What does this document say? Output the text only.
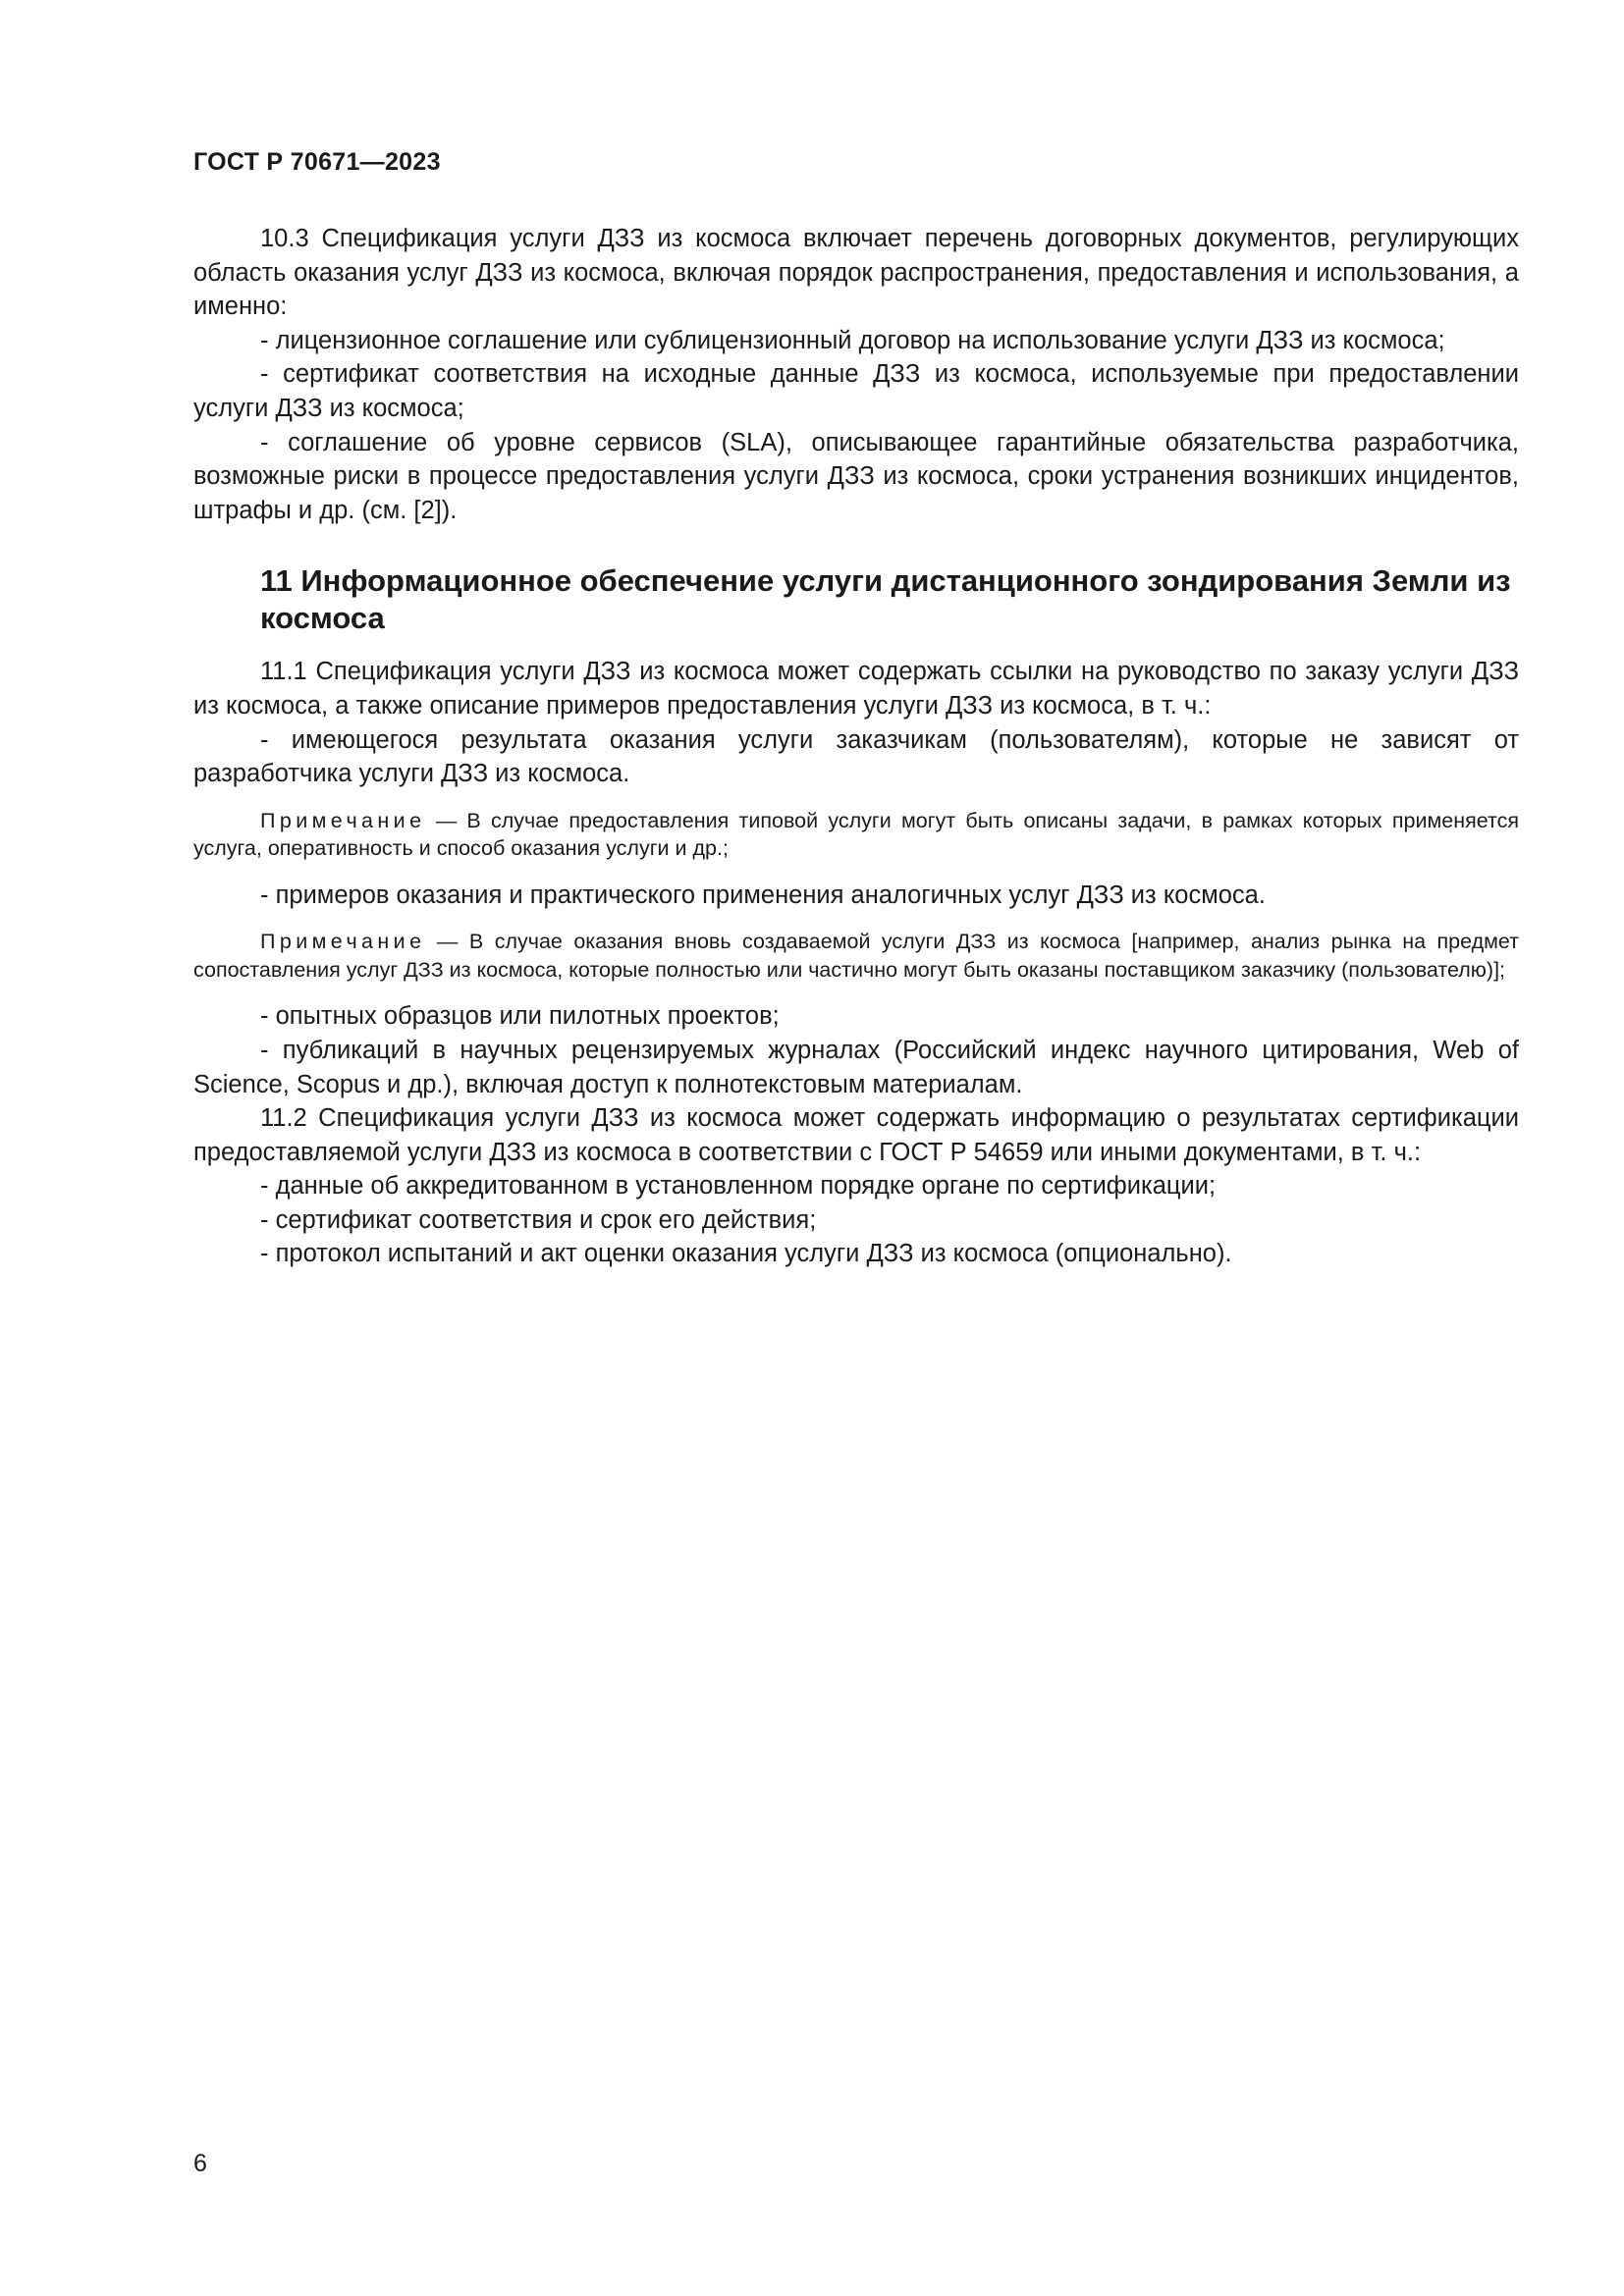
ГОСТ Р 70671—2023

10.3 Спецификация услуги ДЗЗ из космоса включает перечень договорных документов, регулирующих область оказания услуг ДЗЗ из космоса, включая порядок распространения, предоставления и использования, а именно:

- лицензионное соглашение или сублицензионный договор на использование услуги ДЗЗ из космоса;

- сертификат соответствия на исходные данные ДЗЗ из космоса, используемые при предоставлении услуги ДЗЗ из космоса;

- соглашение об уровне сервисов (SLA), описывающее гарантийные обязательства разработчика, возможные риски в процессе предоставления услуги ДЗЗ из космоса, сроки устранения возникших инцидентов, штрафы и др. (см. [2]).

11 Информационное обеспечение услуги дистанционного зондирования Земли из космоса

11.1 Спецификация услуги ДЗЗ из космоса может содержать ссылки на руководство по заказу услуги ДЗЗ из космоса, а также описание примеров предоставления услуги ДЗЗ из космоса, в т. ч.:

- имеющегося результата оказания услуги заказчикам (пользователям), которые не зависят от разработчика услуги ДЗЗ из космоса.

Примечание — В случае предоставления типовой услуги могут быть описаны задачи, в рамках которых применяется услуга, оперативность и способ оказания услуги и др.;

- примеров оказания и практического применения аналогичных услуг ДЗЗ из космоса.

Примечание — В случае оказания вновь создаваемой услуги ДЗЗ из космоса [например, анализ рынка на предмет сопоставления услуг ДЗЗ из космоса, которые полностью или частично могут быть оказаны поставщиком заказчику (пользователю)];

- опытных образцов или пилотных проектов;

- публикаций в научных рецензируемых журналах (Российский индекс научного цитирования, Web of Science, Scopus и др.), включая доступ к полнотекстовым материалам.

11.2 Спецификация услуги ДЗЗ из космоса может содержать информацию о результатах сертификации предоставляемой услуги ДЗЗ из космоса в соответствии с ГОСТ Р 54659 или иными документами, в т. ч.:

- данные об аккредитованном в установленном порядке органе по сертификации;

- сертификат соответствия и срок его действия;

- протокол испытаний и акт оценки оказания услуги ДЗЗ из космоса (опционально).

6
